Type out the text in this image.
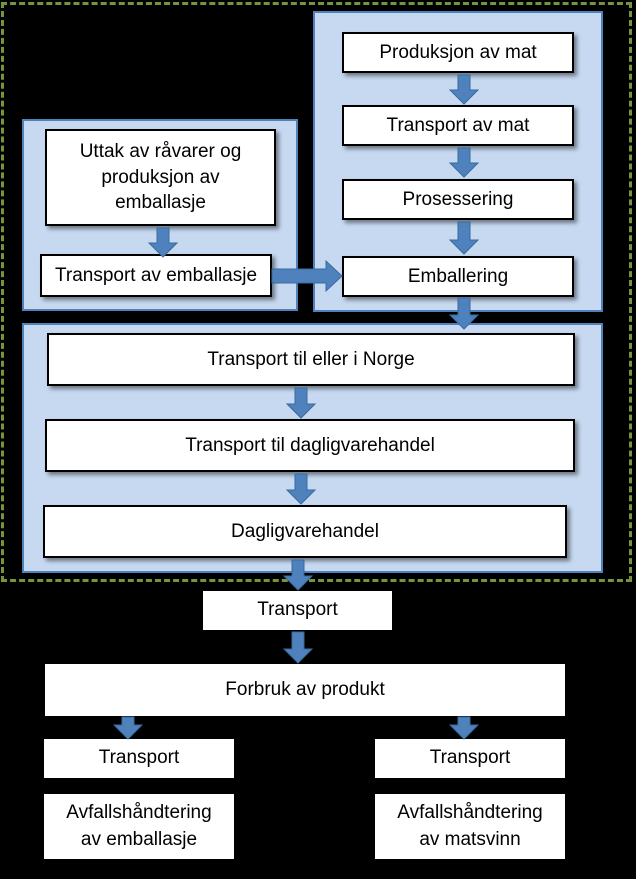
Produksjon av mat
Transport av mat
Prosessering
Emballering
Uttak av råvarer og produksjon av emballasje
Transport av emballasje
Transport til eller i Norge
Transport til dagligvarehandel
Dagligvarehandel
Transport
Forbruk av produkt
Transport	Transport
Avfallshåndtering av emballasje
Avfallshåndtering av matsvinn
